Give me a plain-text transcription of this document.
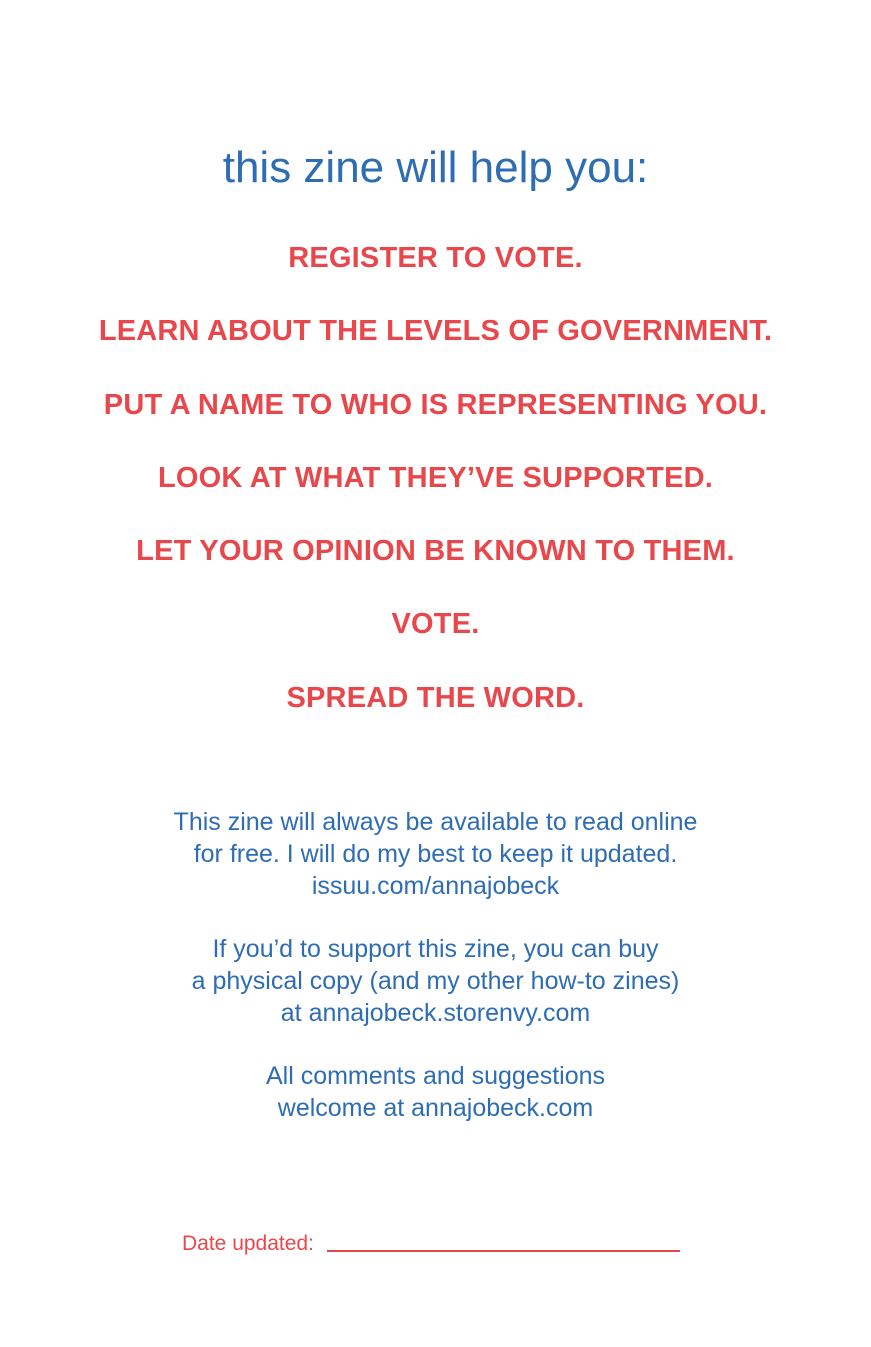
this zine will help you:
REGISTER TO VOTE.
LEARN ABOUT THE LEVELS OF GOVERNMENT.
PUT A NAME TO WHO IS REPRESENTING YOU.
LOOK AT WHAT THEY’VE SUPPORTED.
LET YOUR OPINION BE KNOWN TO THEM.
VOTE.
SPREAD THE WORD.

This zine will always be available to read online
for free. I will do my best to keep it updated.
issuu.com/annajobeck

If you’d to support this zine, you can buy
a physical copy (and my other how-to zines)
at annajobeck.storenvy.com

All comments and suggestions
welcome at annajobeck.com

Date updated:
